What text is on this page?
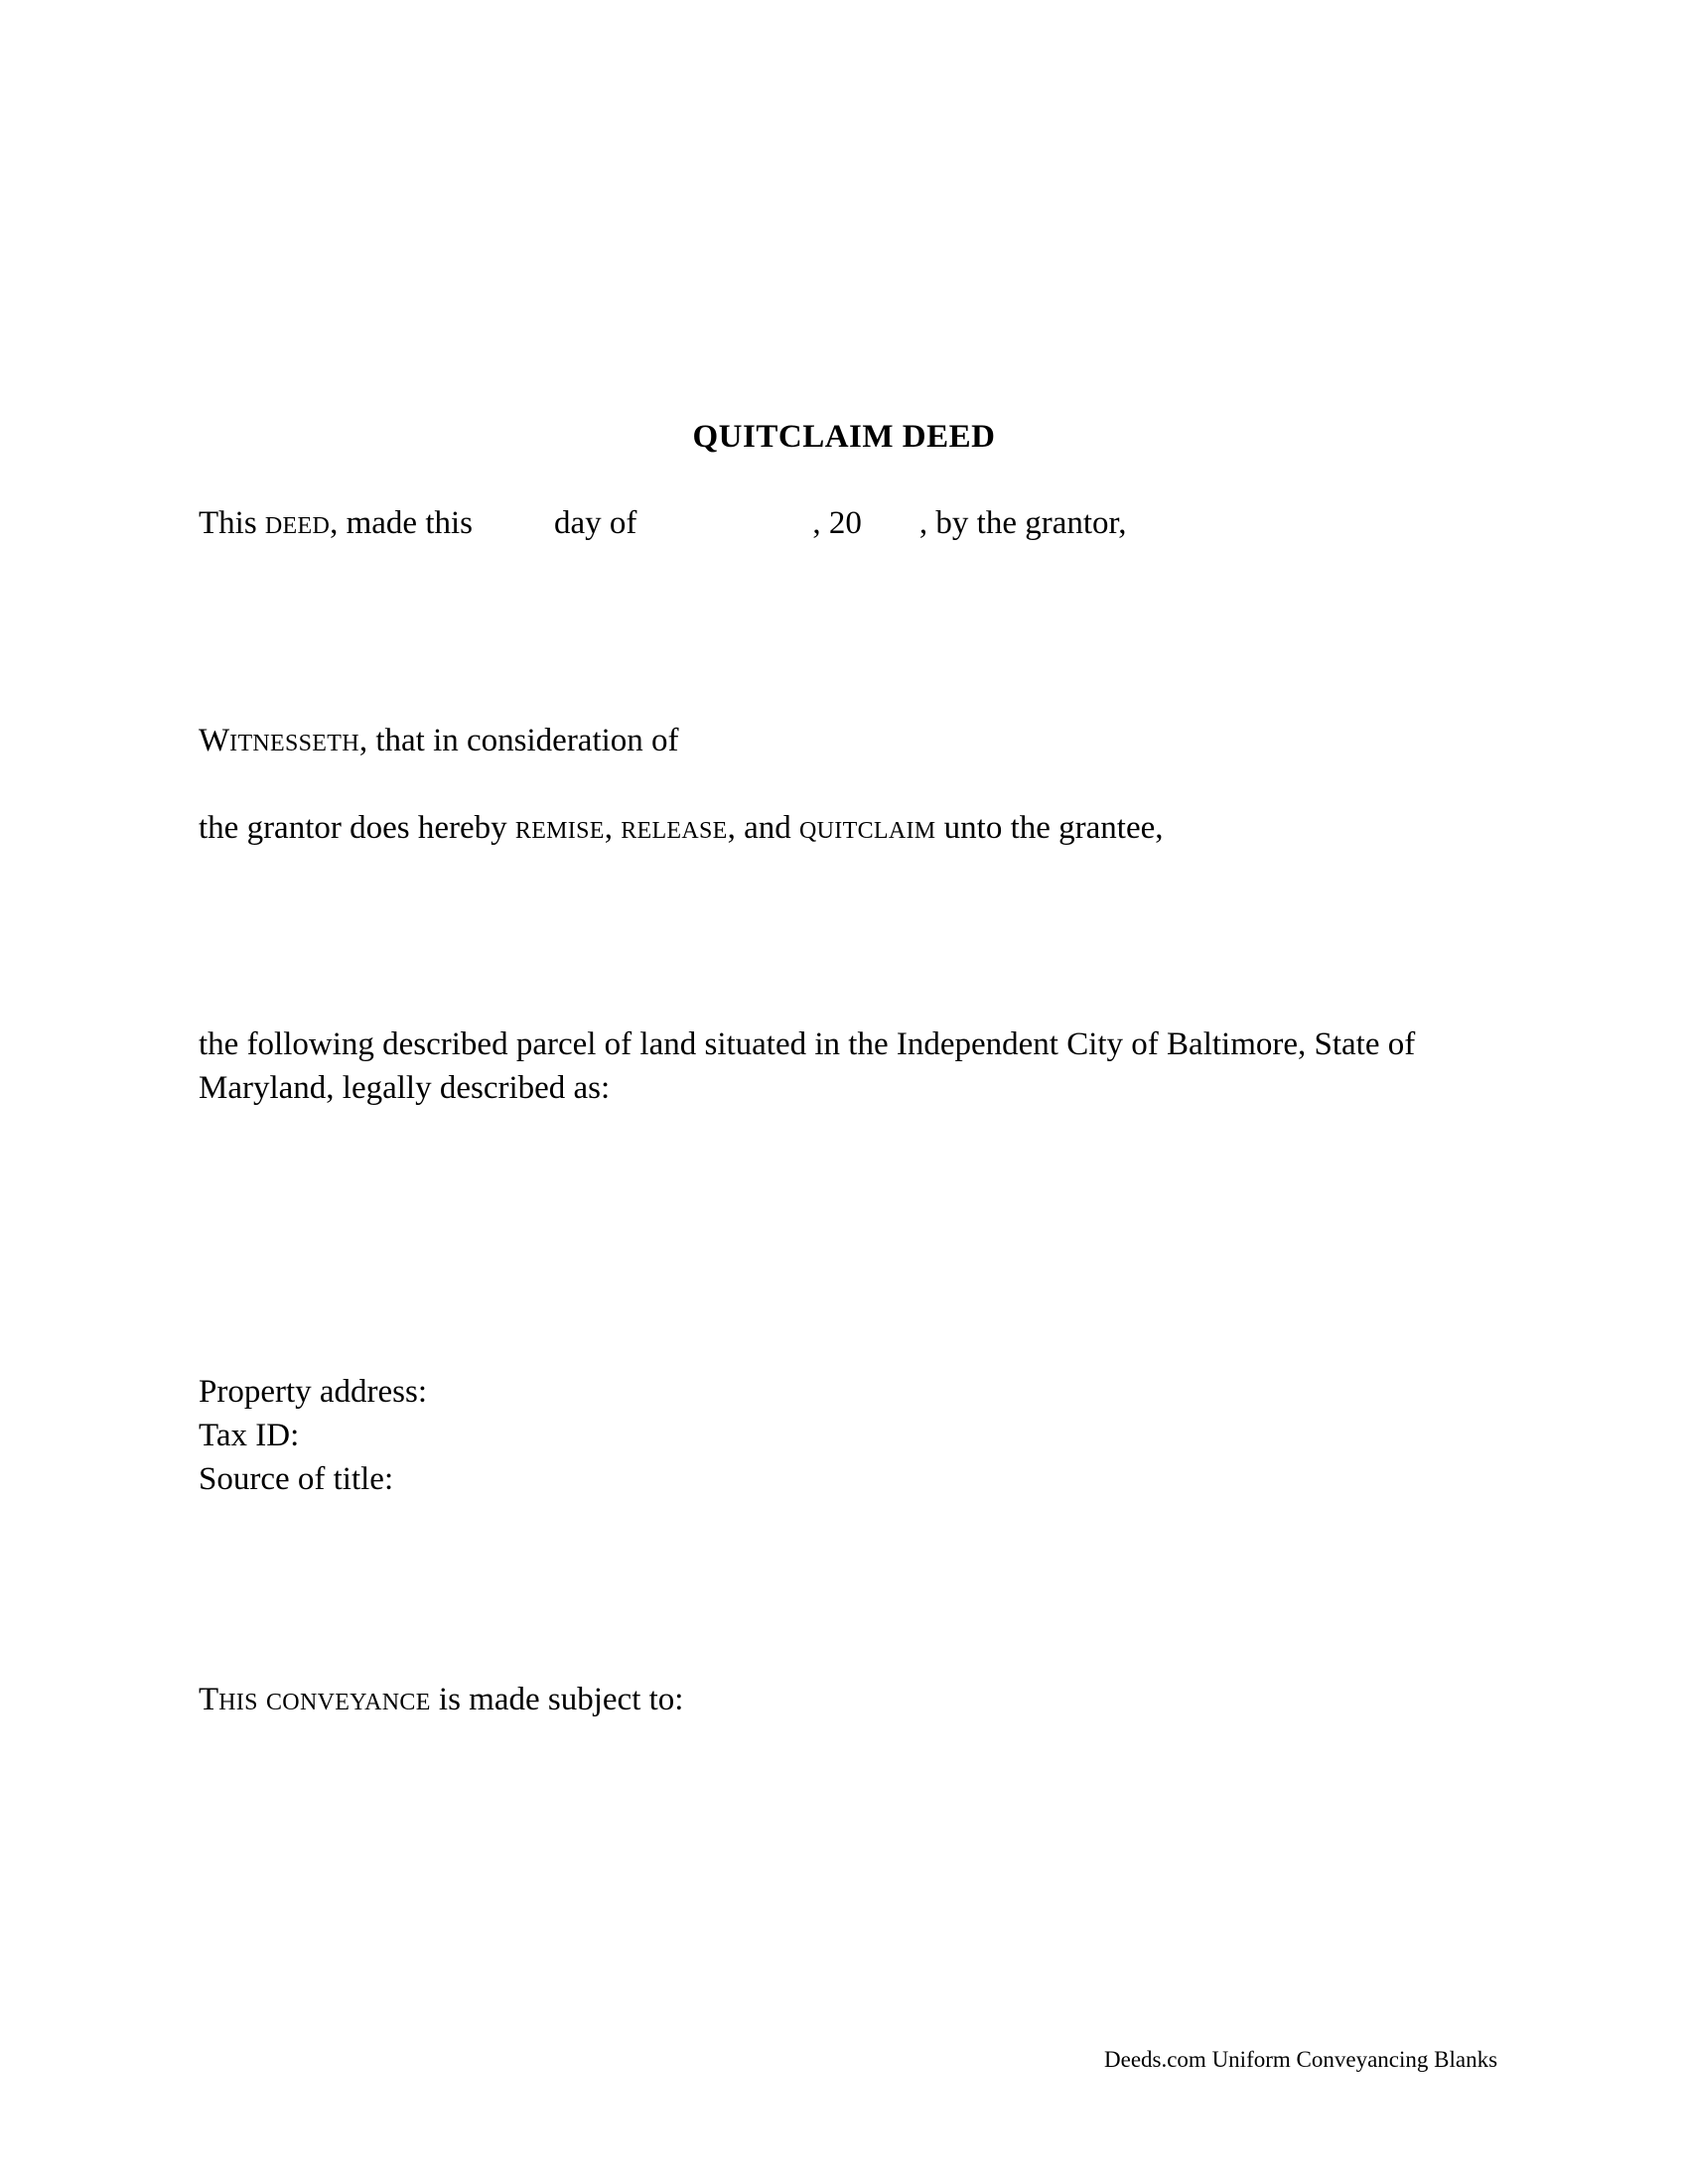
QUITCLAIM DEED
This DEED, made this day of	, 20 , by the grantor,
WITNESSETH, that in consideration of
the grantor does hereby REMISE, RELEASE, and QUITCLAIM unto the grantee,
the following described parcel of land situated in the Independent City of Baltimore, State of
Maryland, legally described as:
Property address:
Tax ID:
Source of title:
THIS CONVEYANCE is made subject to:
Deeds.com Uniform Conveyancing Blanks
